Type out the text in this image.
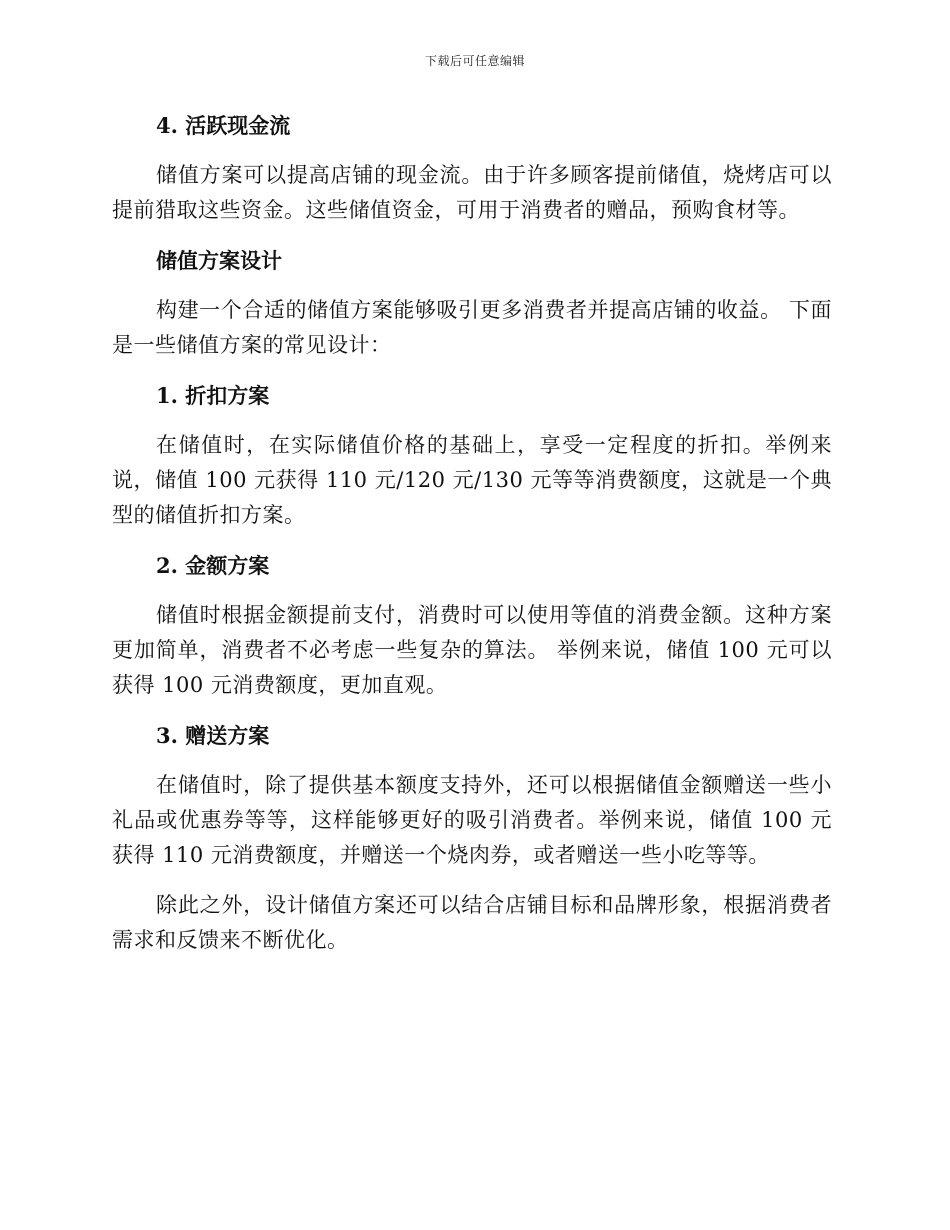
下载后可任意编辑
4. 活跃现金流

储值方案可以提高店铺的现金流。由于许多顾客提前储值，烧烤店可以提前猎取这些资金。这些储值资金，可用于消费者的赠品，预购食材等。

储值方案设计

构建一个合适的储值方案能够吸引更多消费者并提高店铺的收益。 下面是一些储值方案的常见设计：

1. 折扣方案

在储值时，在实际储值价格的基础上，享受一定程度的折扣。举例来说，储值 100 元获得 110 元/120 元/130 元等等消费额度，这就是一个典型的储值折扣方案。

2. 金额方案

储值时根据金额提前支付，消费时可以使用等值的消费金额。这种方案更加简单，消费者不必考虑一些复杂的算法。 举例来说，储值 100 元可以获得 100 元消费额度，更加直观。

3. 赠送方案

在储值时，除了提供基本额度支持外，还可以根据储值金额赠送一些小礼品或优惠券等等，这样能够更好的吸引消费者。举例来说，储值 100 元获得 110 元消费额度，并赠送一个烧肉券，或者赠送一些小吃等等。

除此之外，设计储值方案还可以结合店铺目标和品牌形象，根据消费者需求和反馈来不断优化。
